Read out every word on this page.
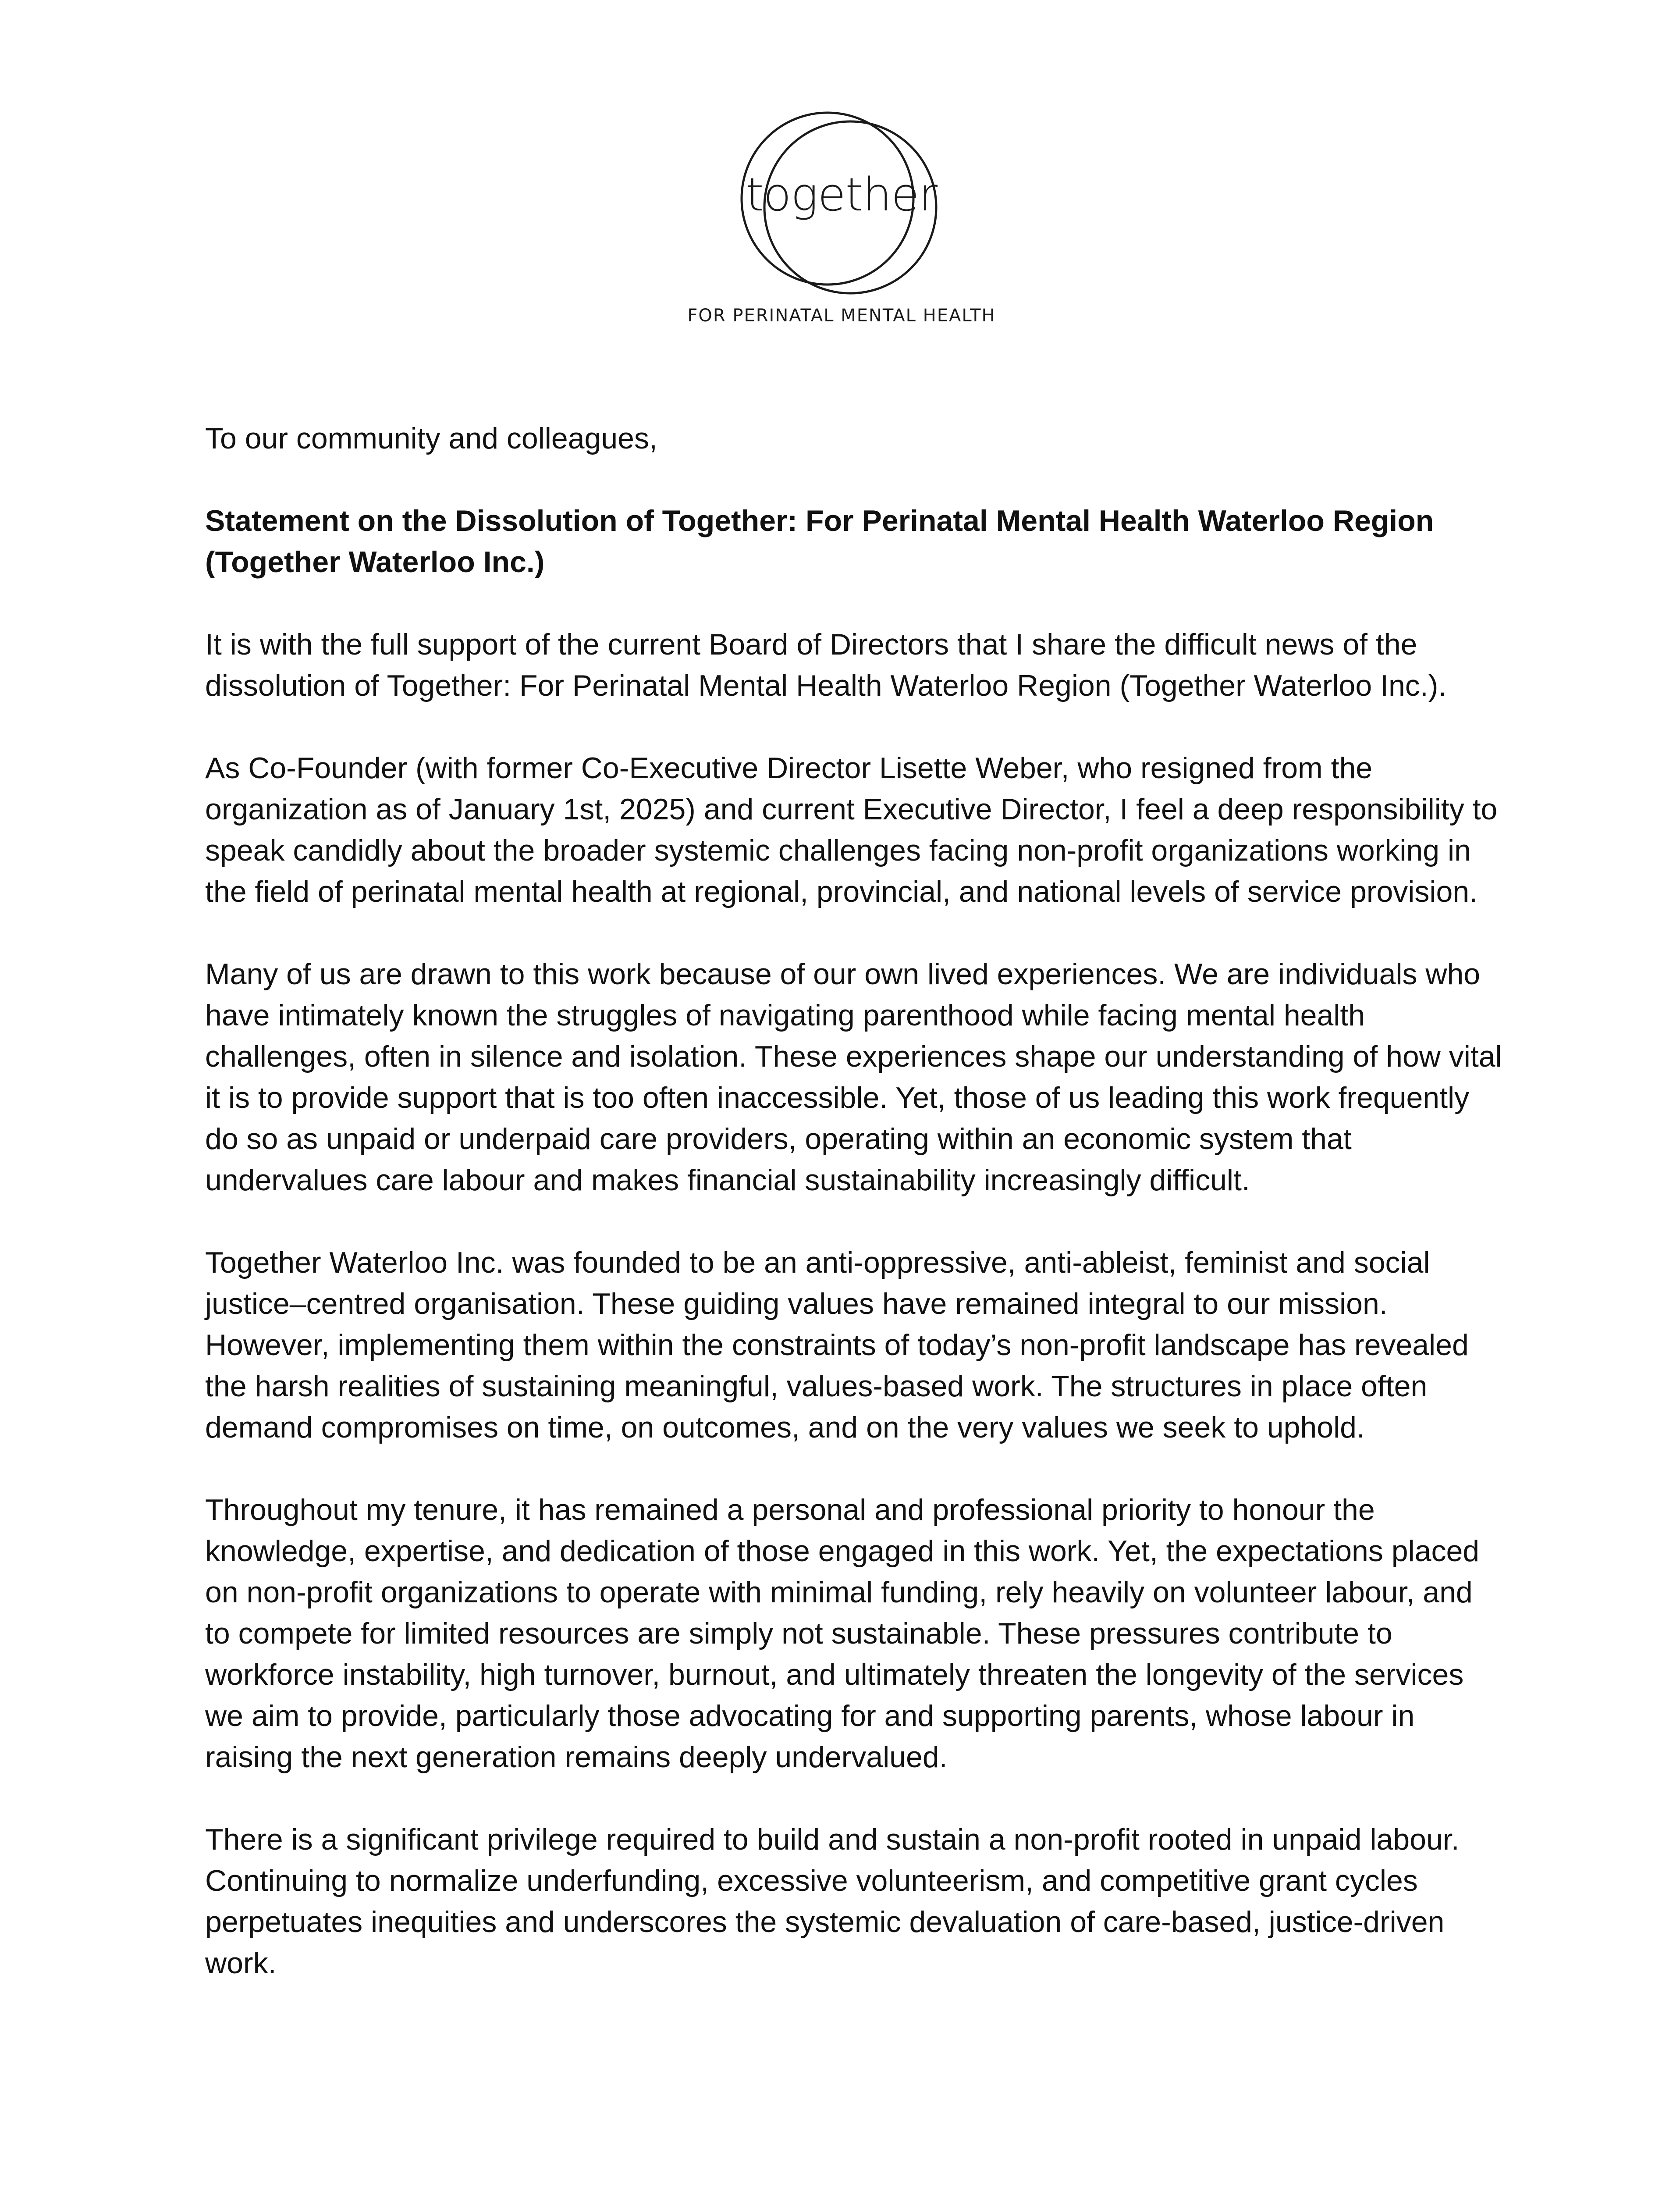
together
FOR PERINATAL MENTAL HEALTH

To our community and colleagues,

Statement on the Dissolution of Together: For Perinatal Mental Health Waterloo Region (Together Waterloo Inc.)

It is with the full support of the current Board of Directors that I share the difficult news of the dissolution of Together: For Perinatal Mental Health Waterloo Region (Together Waterloo Inc.).

As Co-Founder (with former Co-Executive Director Lisette Weber, who resigned from the organization as of January 1st, 2025) and current Executive Director, I feel a deep responsibility to speak candidly about the broader systemic challenges facing non-profit organizations working in the field of perinatal mental health at regional, provincial, and national levels of service provision.

Many of us are drawn to this work because of our own lived experiences. We are individuals who have intimately known the struggles of navigating parenthood while facing mental health challenges, often in silence and isolation. These experiences shape our understanding of how vital it is to provide support that is too often inaccessible. Yet, those of us leading this work frequently do so as unpaid or underpaid care providers, operating within an economic system that undervalues care labour and makes financial sustainability increasingly difficult.

Together Waterloo Inc. was founded to be an anti-oppressive, anti-ableist, feminist and social justice–centred organisation. These guiding values have remained integral to our mission. However, implementing them within the constraints of today’s non-profit landscape has revealed the harsh realities of sustaining meaningful, values-based work. The structures in place often demand compromises on time, on outcomes, and on the very values we seek to uphold.

Throughout my tenure, it has remained a personal and professional priority to honour the knowledge, expertise, and dedication of those engaged in this work. Yet, the expectations placed on non-profit organizations to operate with minimal funding, rely heavily on volunteer labour, and to compete for limited resources are simply not sustainable. These pressures contribute to workforce instability, high turnover, burnout, and ultimately threaten the longevity of the services we aim to provide, particularly those advocating for and supporting parents, whose labour in raising the next generation remains deeply undervalued.

There is a significant privilege required to build and sustain a non-profit rooted in unpaid labour. Continuing to normalize underfunding, excessive volunteerism, and competitive grant cycles perpetuates inequities and underscores the systemic devaluation of care-based, justice-driven work.
